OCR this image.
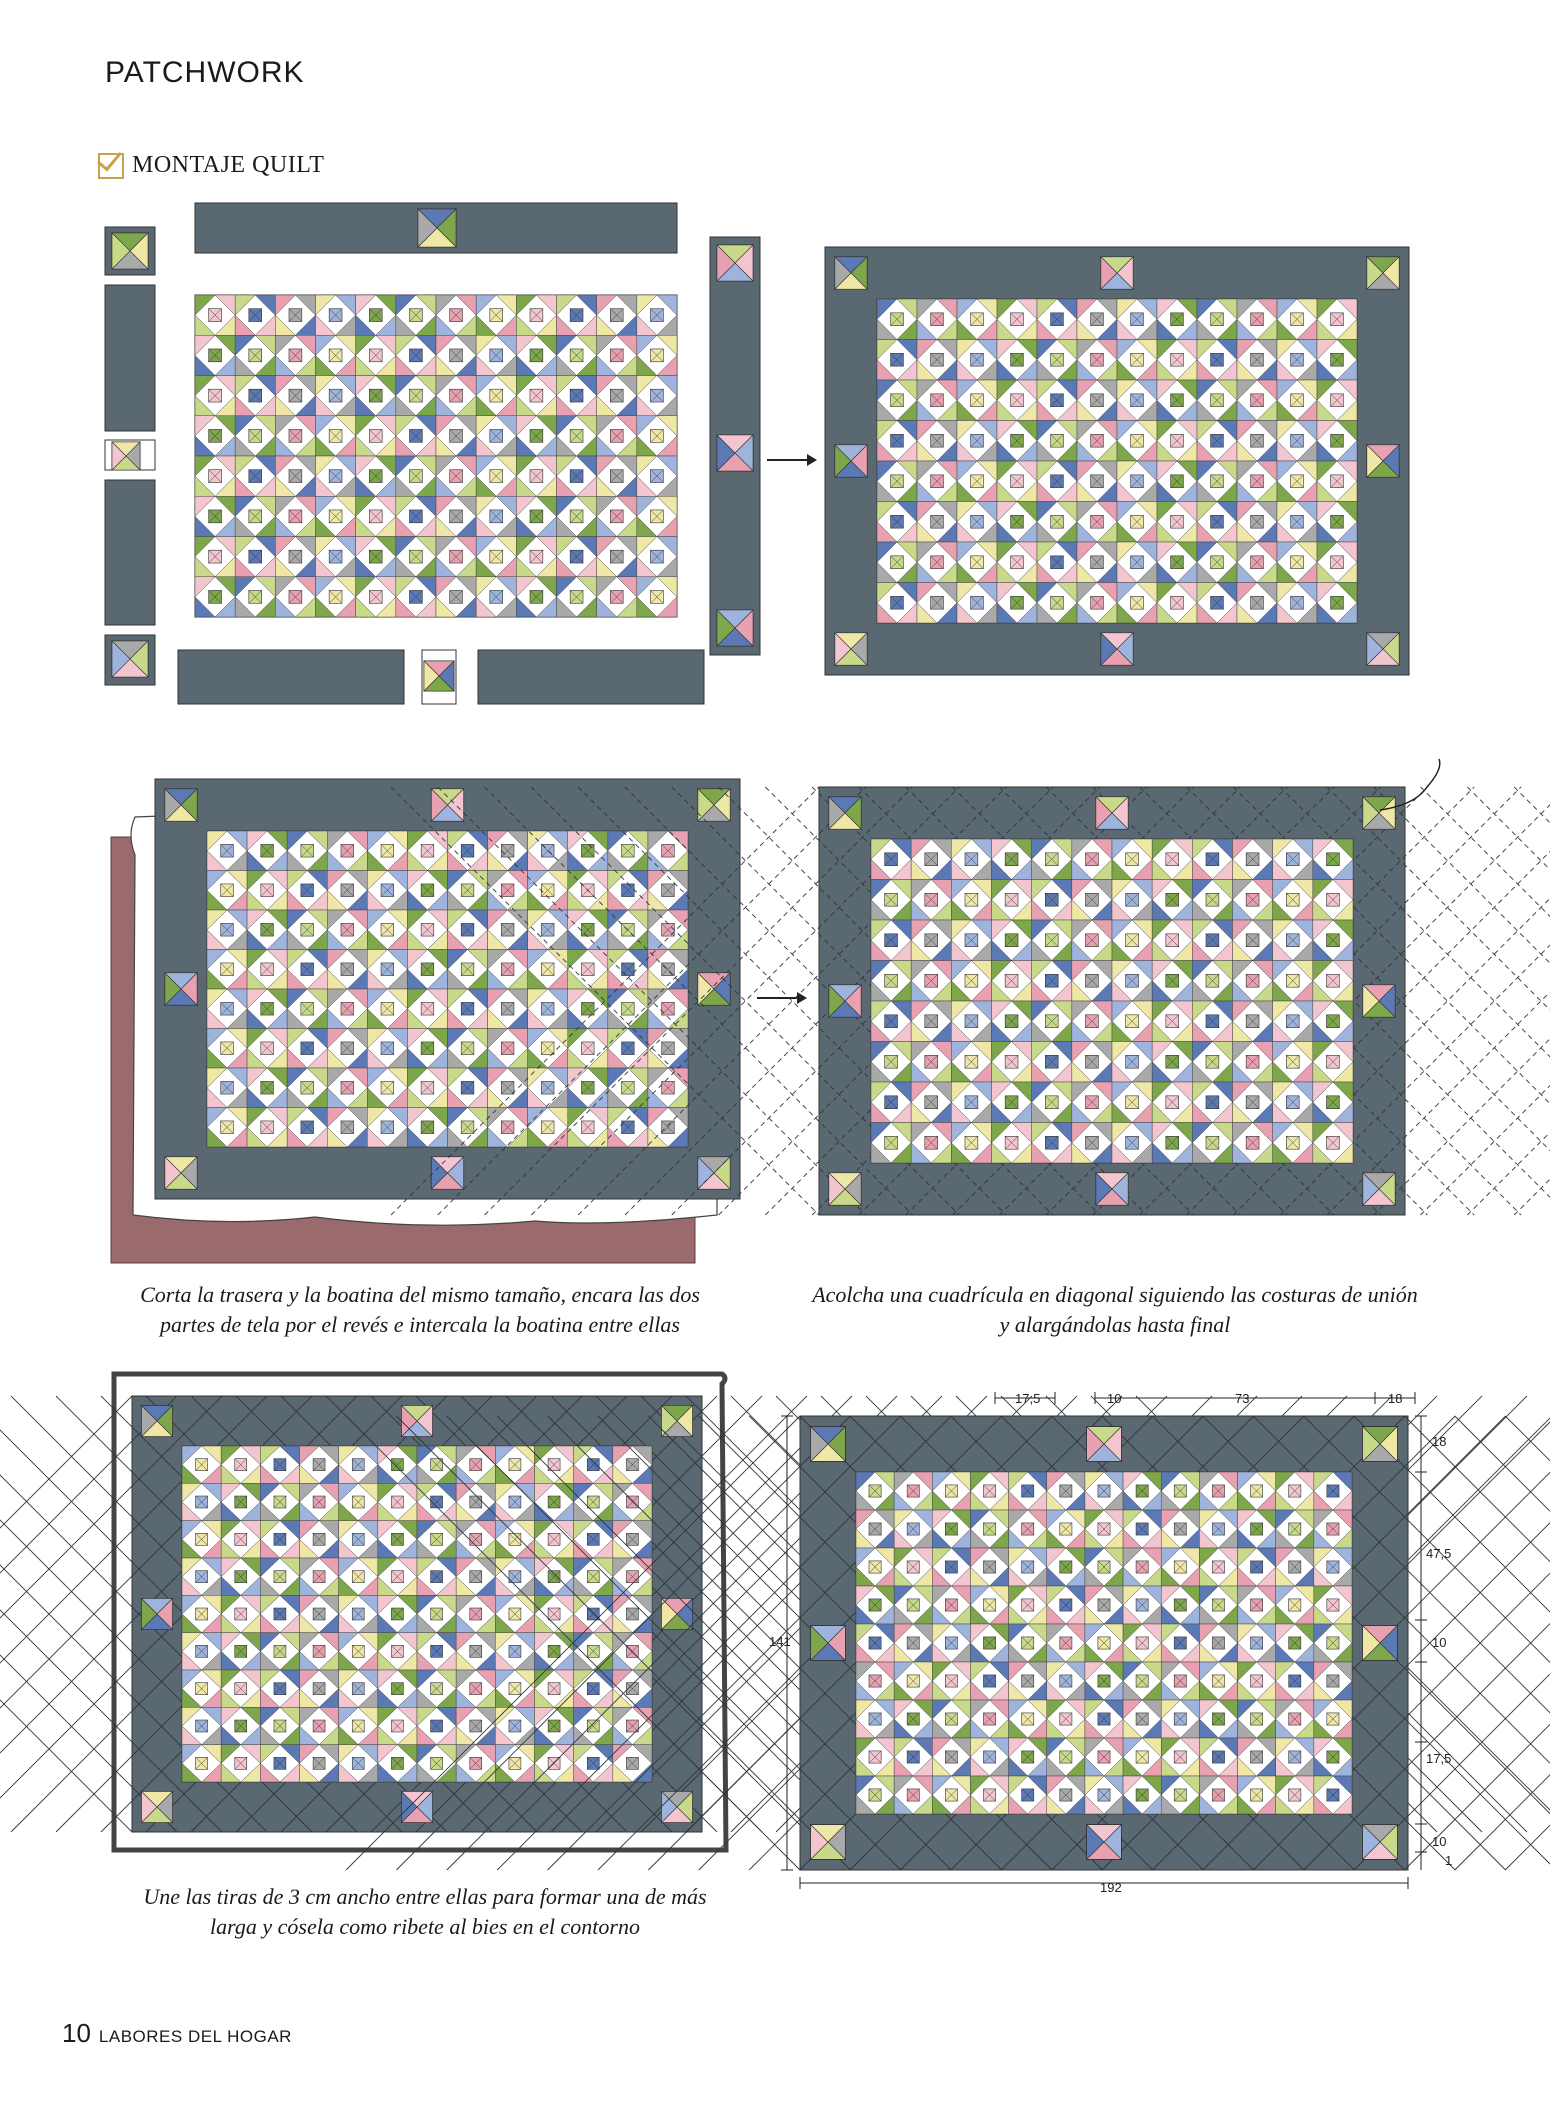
PATCHWORK
MONTAJE QUILT
Corta la trasera y la boatina del mismo tamaño, encara las dos partes de tela por el revés e intercala la boatina entre ellas
Acolcha una cuadrícula en diagonal siguiendo las costuras de unión y alargándolas hasta final
Une las tiras de 3 cm ancho entre ellas para formar una de más larga y cósela como ribete al bies en el contorno
17,5	10	73	18
18
47,5
10
17,5
10
1
141
192
10 LABORES DEL HOGAR
